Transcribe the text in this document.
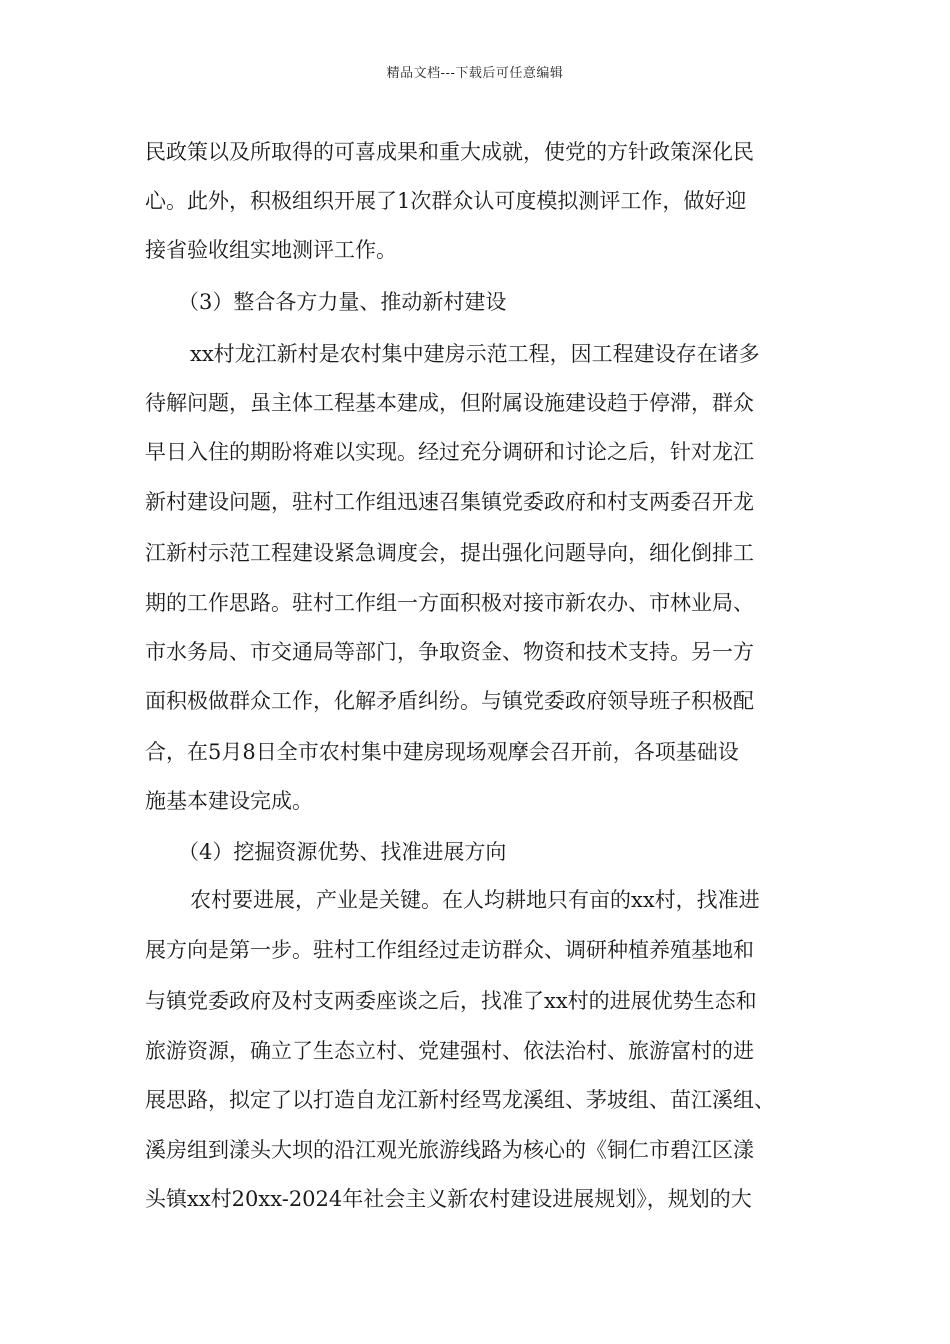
精品文档---下载后可任意编辑
民政策以及所取得的可喜成果和重大成就，使党的方针政策深化民
心。此外，积极组织开展了1次群众认可度模拟测评工作，做好迎
接省验收组实地测评工作。
（3）整合各方力量、推动新村建设
xx村龙江新村是农村集中建房示范工程，因工程建设存在诸多
待解问题，虽主体工程基本建成，但附属设施建设趋于停滞，群众
早日入住的期盼将难以实现。经过充分调研和讨论之后，针对龙江
新村建设问题，驻村工作组迅速召集镇党委政府和村支两委召开龙
江新村示范工程建设紧急调度会，提出强化问题导向，细化倒排工
期的工作思路。驻村工作组一方面积极对接市新农办、市林业局、
市水务局、市交通局等部门，争取资金、物资和技术支持。另一方
面积极做群众工作，化解矛盾纠纷。与镇党委政府领导班子积极配
合，在5月8日全市农村集中建房现场观摩会召开前，各项基础设
施基本建设完成。
（4）挖掘资源优势、找准进展方向
农村要进展，产业是关键。在人均耕地只有亩的xx村，找准进
展方向是第一步。驻村工作组经过走访群众、调研种植养殖基地和
与镇党委政府及村支两委座谈之后，找准了xx村的进展优势生态和
旅游资源，确立了生态立村、党建强村、依法治村、旅游富村的进
展思路，拟定了以打造自龙江新村经骂龙溪组、茅坡组、苗江溪组、
溪房组到漾头大坝的沿江观光旅游线路为核心的《铜仁市碧江区漾
头镇xx村20xx-2024年社会主义新农村建设进展规划》，规划的大
